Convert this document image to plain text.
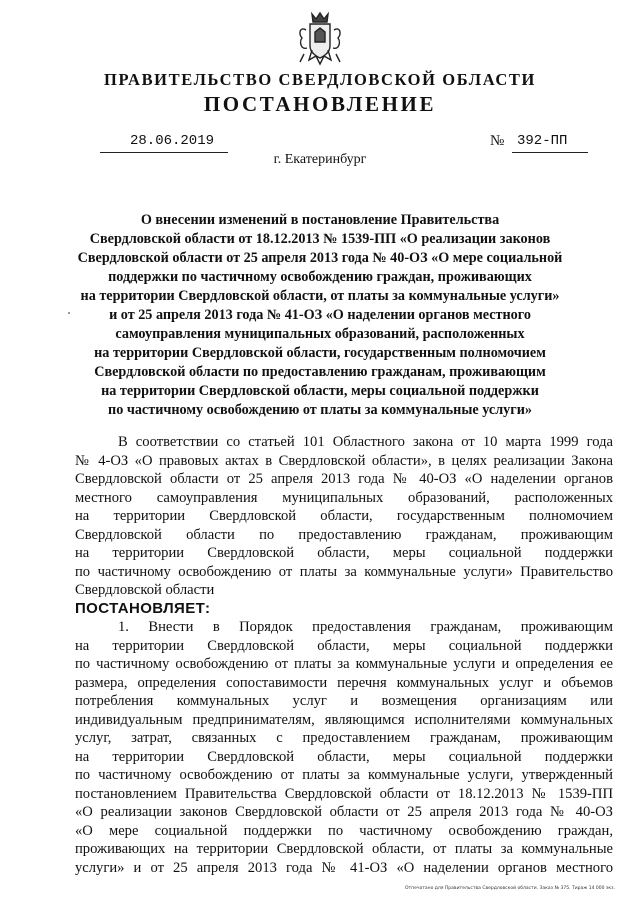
ПРАВИТЕЛЬСТВО СВЕРДЛОВСКОЙ ОБЛАСТИ
ПОСТАНОВЛЕНИЕ
28.06.2019	№ 392-ПП
г. Екатеринбург
О внесении изменений в постановление Правительства
Свердловской области от 18.12.2013 № 1539-ПП «О реализации законов
Свердловской области от 25 апреля 2013 года № 40-ОЗ «О мере социальной
поддержки по частичному освобождению граждан, проживающих
на территории Свердловской области, от платы за коммунальные услуги»
и от 25 апреля 2013 года № 41-ОЗ «О наделении органов местного
самоуправления муниципальных образований, расположенных
на территории Свердловской области, государственным полномочием
Свердловской области по предоставлению гражданам, проживающим
на территории Свердловской области, меры социальной поддержки
по частичному освобождению от платы за коммунальные услуги»
В соответствии со статьей 101 Областного закона от 10 марта 1999 года
№ 4-ОЗ «О правовых актах в Свердловской области», в целях реализации Закона
Свердловской области от 25 апреля 2013 года № 40-ОЗ «О наделении органов
местного самоуправления муниципальных образований, расположенных
на территории Свердловской области, государственным полномочием
Свердловской области по предоставлению гражданам, проживающим
на территории Свердловской области, меры социальной поддержки
по частичному освобождению от платы за коммунальные услуги» Правительство
Свердловской области
ПОСТАНОВЛЯЕТ:
1. Внести в Порядок предоставления гражданам, проживающим
на территории Свердловской области, меры социальной поддержки
по частичному освобождению от платы за коммунальные услуги и определения ее
размера, определения сопоставимости перечня коммунальных услуг и объемов
потребления коммунальных услуг и возмещения организациям или
индивидуальным предпринимателям, являющимся исполнителями коммунальных
услуг, затрат, связанных с предоставлением гражданам, проживающим
на территории Свердловской области, меры социальной поддержки
по частичному освобождению от платы за коммунальные услуги, утвержденный
постановлением Правительства Свердловской области от 18.12.2013 № 1539-ПП
«О реализации законов Свердловской области от 25 апреля 2013 года № 40-ОЗ
«О мере социальной поддержки по частичному освобождению граждан,
проживающих на территории Свердловской области, от платы за коммунальные
услуги» и от 25 апреля 2013 года № 41-ОЗ «О наделении органов местного
Отпечатано для Правительства Свердловской области. Заказ № 375. Тираж 14 000 экз.
